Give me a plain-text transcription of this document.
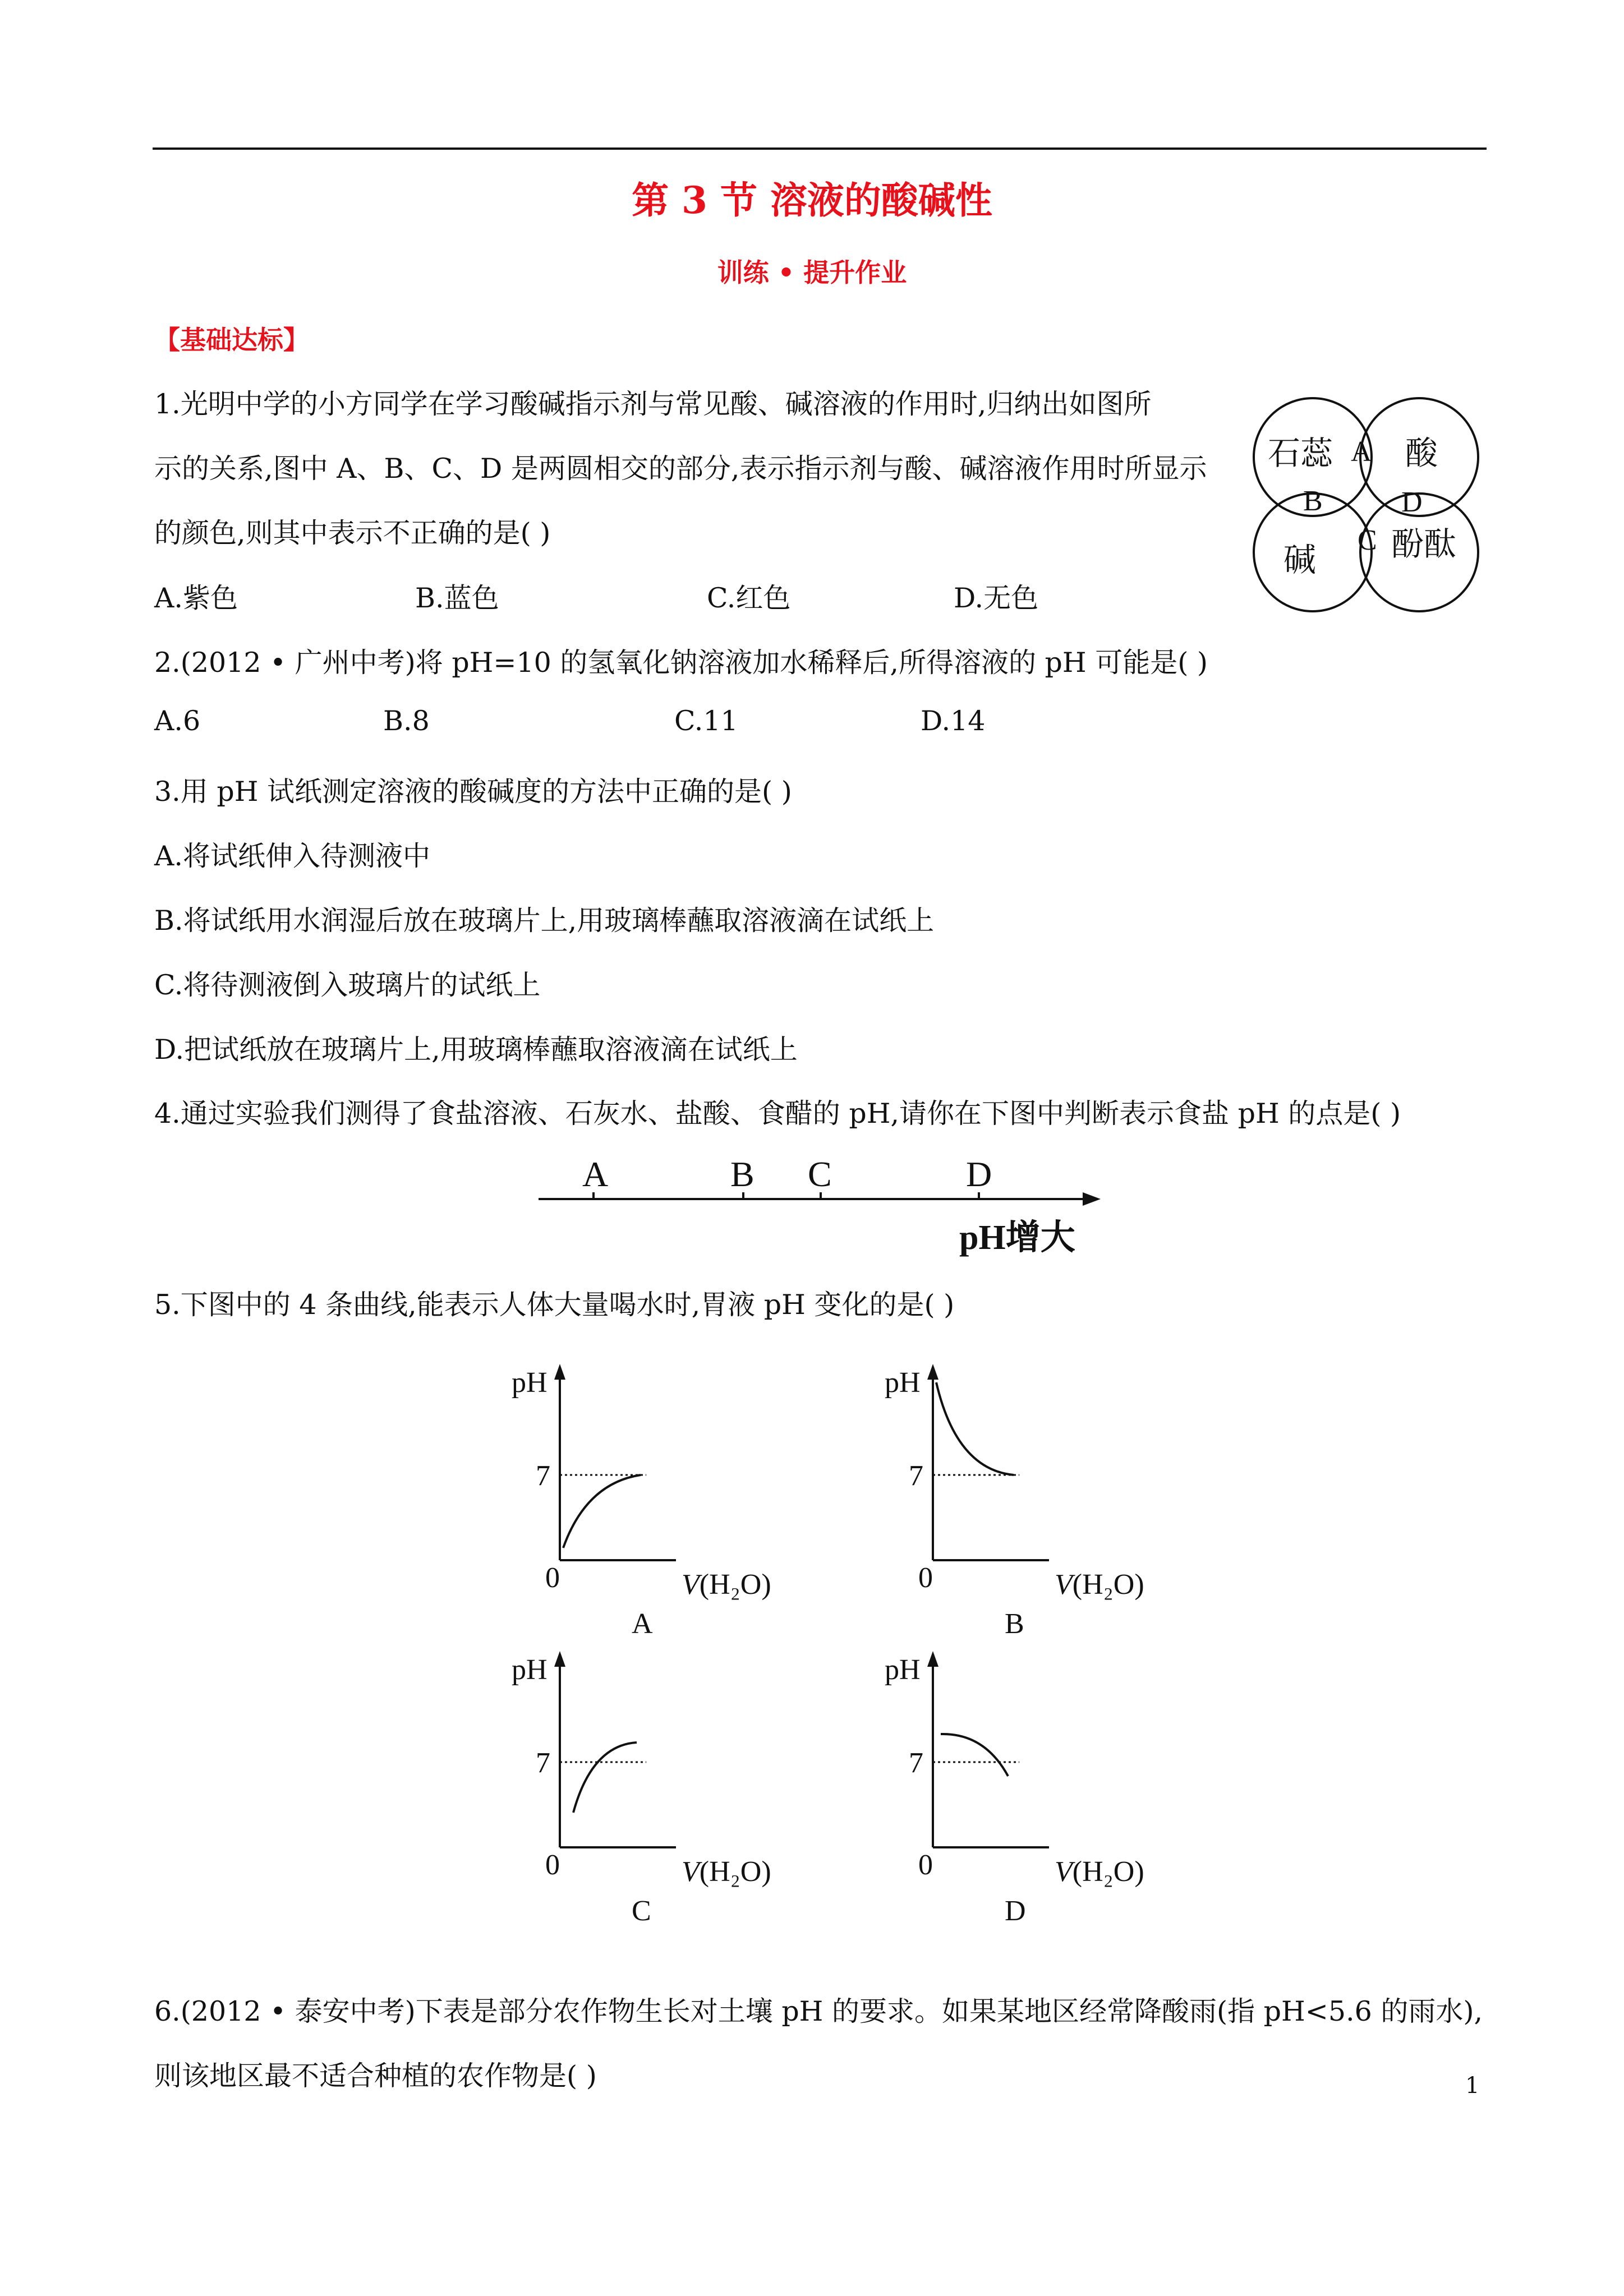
第 3 节 溶液的酸碱性
训练 • 提升作业
【基础达标】
1.光明中学的小方同学在学习酸碱指示剂与常见酸、碱溶液的作用时,归纳出如图所
示的关系,图中 A、B、C、D 是两圆相交的部分,表示指示剂与酸、碱溶液作用时所显示
的颜色,则其中表示不正确的是( )
A.紫色	B.蓝色	C.红色	D.无色
石蕊 酸
碱 酚酞
A
B
C
D
2.(2012 • 广州中考)将 pH=10 的氢氧化钠溶液加水稀释后,所得溶液的 pH 可能是( )
A.6	B.8	C.11	D.14
3.用 pH 试纸测定溶液的酸碱度的方法中正确的是( )
A.将试纸伸入待测液中
B.将试纸用水润湿后放在玻璃片上,用玻璃棒蘸取溶液滴在试纸上
C.将待测液倒入玻璃片的试纸上
D.把试纸放在玻璃片上,用玻璃棒蘸取溶液滴在试纸上
4.通过实验我们测得了食盐溶液、石灰水、盐酸、食醋的 pH,请你在下图中判断表示食盐 pH 的点是( )
A	B C	D
pH增大
5.下图中的 4 条曲线,能表示人体大量喝水时,胃液 pH 变化的是( )
pH
7
0	V(H₂O)
A
pH
7
0	V(H₂O)
B
pH
7
0	V(H₂O)
C
pH
7
0	V(H₂O)
D
6.(2012 • 泰安中考)下表是部分农作物生长对土壤 pH 的要求。如果某地区经常降酸雨(指 pH<5.6 的雨水),
则该地区最不适合种植的农作物是( )	1
